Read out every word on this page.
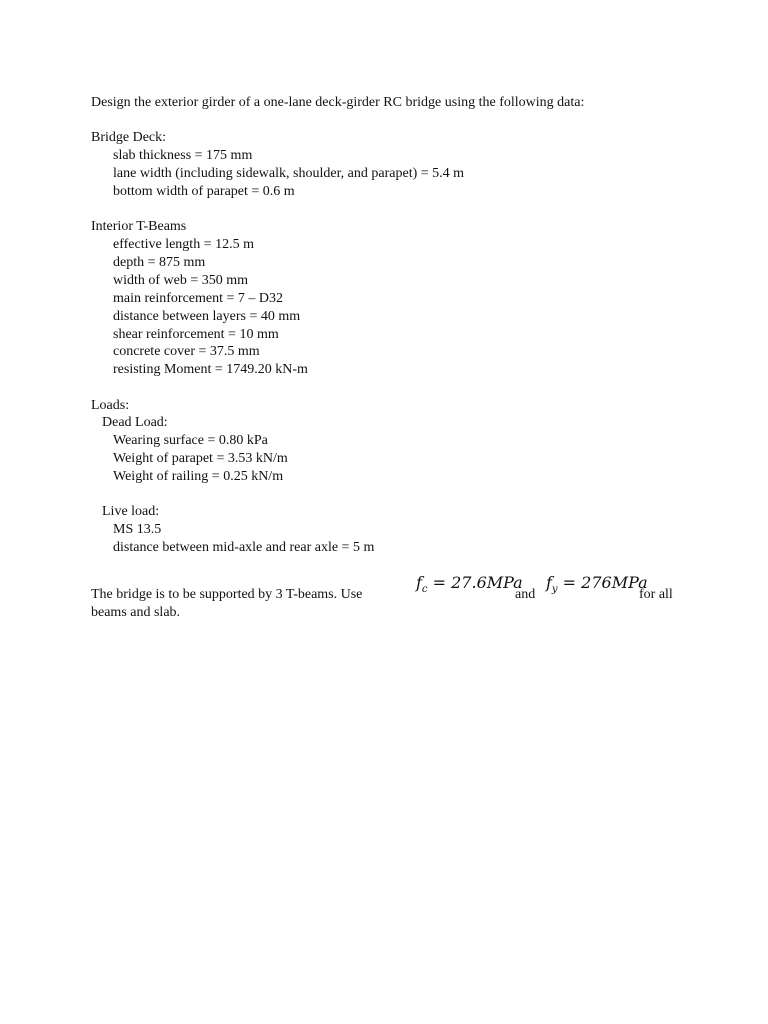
Design the exterior girder of a one-lane deck-girder RC bridge using the following data:
Bridge Deck:
slab thickness = 175 mm
lane width (including sidewalk, shoulder, and parapet) = 5.4 m
bottom width of parapet = 0.6 m
Interior T-Beams
effective length = 12.5 m
depth = 875 mm
width of web = 350 mm
main reinforcement = 7 – D32
distance between layers = 40 mm
shear reinforcement = 10 mm
concrete cover = 37.5 mm
resisting Moment = 1749.20 kN-m
Loads:
Dead Load:
Wearing surface = 0.80 kPa
Weight of parapet = 3.53 kN/m
Weight of railing = 0.25 kN/m
Live load:
MS 13.5
distance between mid-axle and rear axle = 5 m
The bridge is to be supported by 3 T-beams. Use
$f_c = 27.6MPa$
and
$f_y = 276MPa$
for all
beams and slab.
